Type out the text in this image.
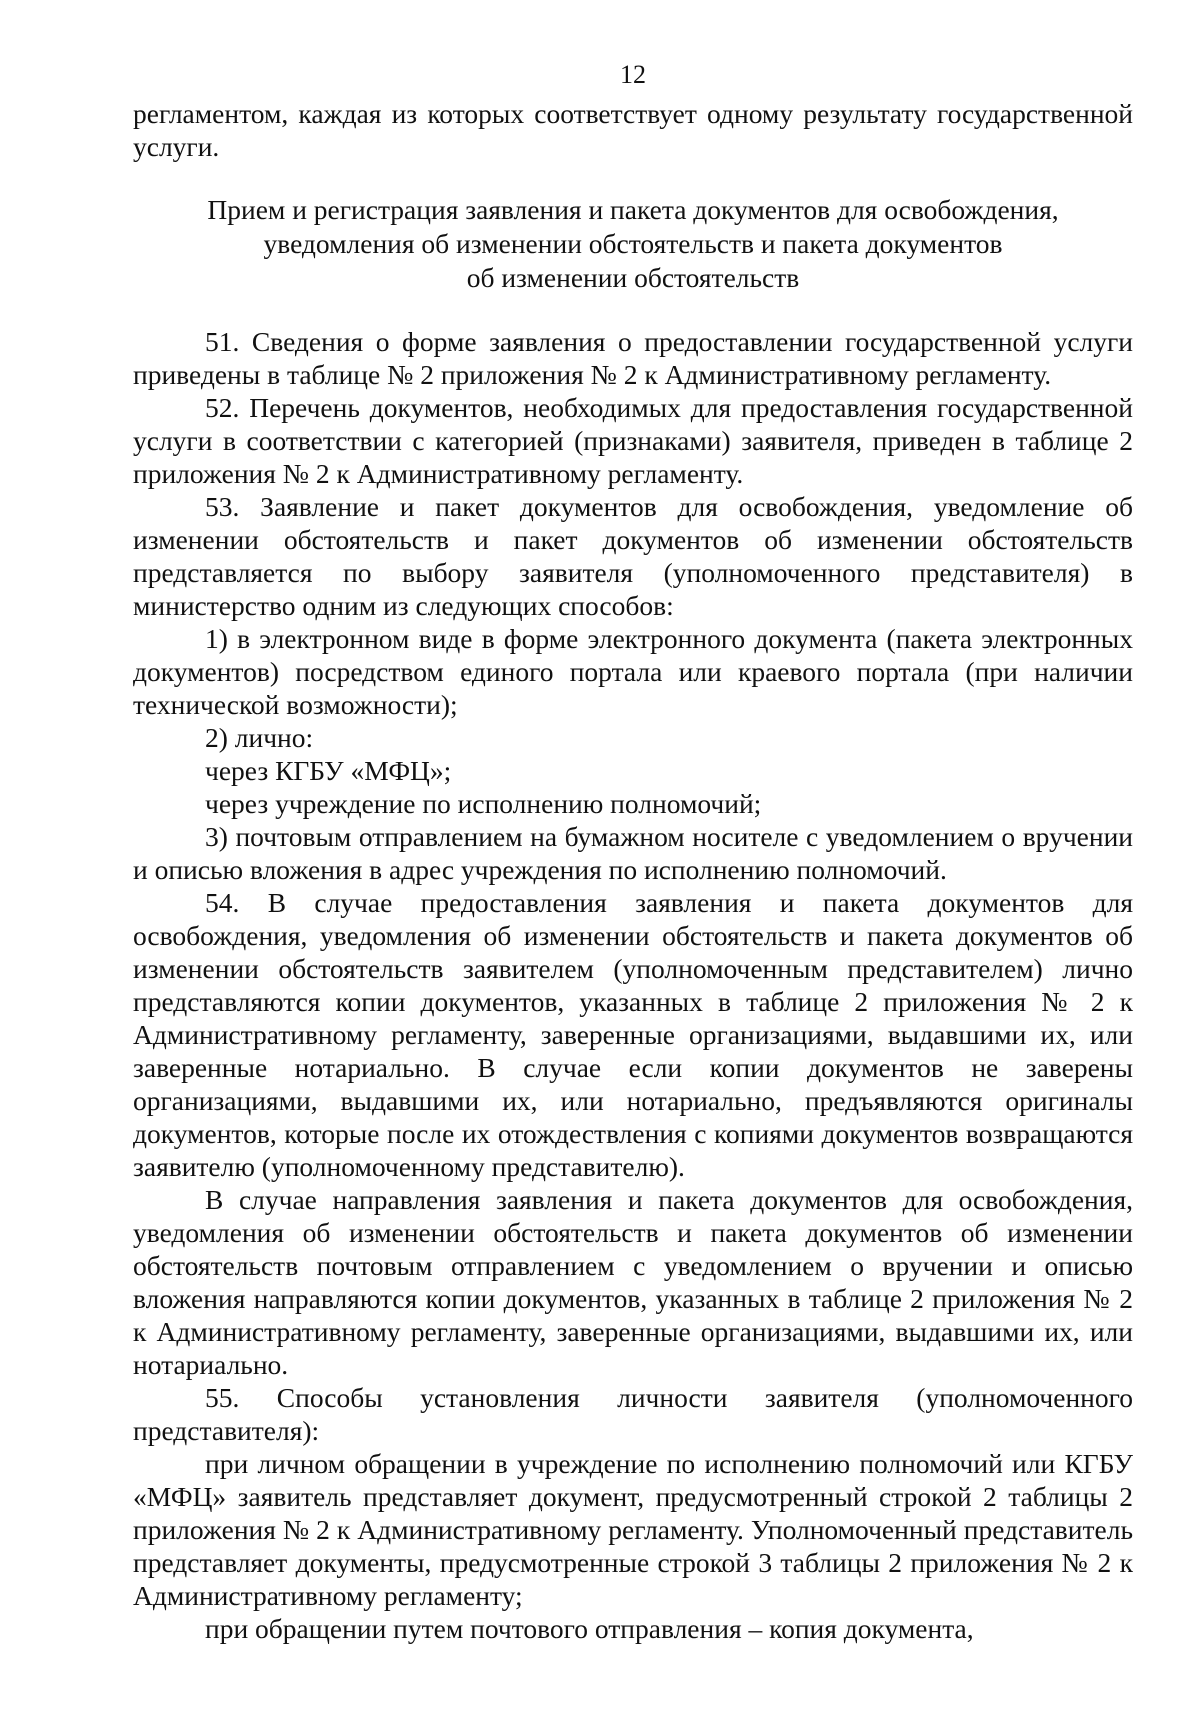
12

регламентом, каждая из которых соответствует одному результату государственной услуги.

Прием и регистрация заявления и пакета документов для освобождения,
уведомления об изменении обстоятельств и пакета документов
об изменении обстоятельств

51. Сведения о форме заявления о предоставлении государственной услуги приведены в таблице № 2 приложения № 2 к Административному регламенту.

52. Перечень документов, необходимых для предоставления государственной услуги в соответствии с категорией (признаками) заявителя, приведен в таблице 2 приложения № 2 к Административному регламенту.

53. Заявление и пакет документов для освобождения, уведомление об изменении обстоятельств и пакет документов об изменении обстоятельств представляется по выбору заявителя (уполномоченного представителя) в министерство одним из следующих способов:

1) в электронном виде в форме электронного документа (пакета электронных документов) посредством единого портала или краевого портала (при наличии технической возможности);

2) лично:

через КГБУ «МФЦ»;

через учреждение по исполнению полномочий;

3) почтовым отправлением на бумажном носителе с уведомлением о вручении и описью вложения в адрес учреждения по исполнению полномочий.

54. В случае предоставления заявления и пакета документов для освобождения, уведомления об изменении обстоятельств и пакета документов об изменении обстоятельств заявителем (уполномоченным представителем) лично представляются копии документов, указанных в таблице 2 приложения № 2 к Административному регламенту, заверенные организациями, выдавшими их, или заверенные нотариально. В случае если копии документов не заверены организациями, выдавшими их, или нотариально, предъявляются оригиналы документов, которые после их отождествления с копиями документов возвращаются заявителю (уполномоченному представителю).

В случае направления заявления и пакета документов для освобождения, уведомления об изменении обстоятельств и пакета документов об изменении обстоятельств почтовым отправлением с уведомлением о вручении и описью вложения направляются копии документов, указанных в таблице 2 приложения № 2 к Административному регламенту, заверенные организациями, выдавшими их, или нотариально.

55. Способы установления личности заявителя (уполномоченного представителя):

при личном обращении в учреждение по исполнению полномочий или КГБУ «МФЦ» заявитель представляет документ, предусмотренный строкой 2 таблицы 2 приложения № 2 к Административному регламенту. Уполномоченный представитель представляет документы, предусмотренные строкой 3 таблицы 2 приложения № 2 к Административному регламенту;

при обращении путем почтового отправления – копия документа,
